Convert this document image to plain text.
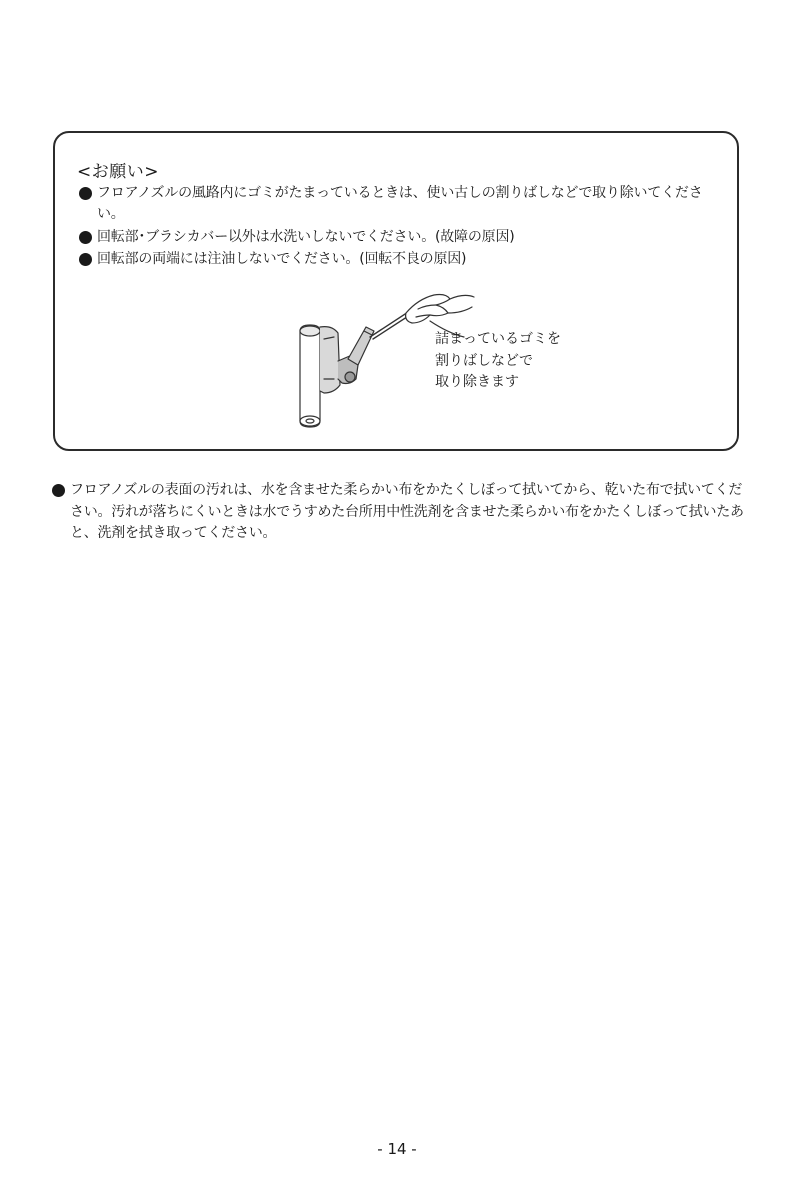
<お願い>
フロアノズルの風路内にゴミがたまっているときは、使い古しの割りばしなどで取り除いてください。
回転部･ブラシカバー以外は水洗いしないでください。(故障の原因)
回転部の両端には注油しないでください。(回転不良の原因)
詰まっているゴミを
割りばしなどで
取り除きます
フロアノズルの表面の汚れは、水を含ませた柔らかい布をかたくしぼって拭いてから、乾いた布で拭いてください。汚れが落ちにくいときは水でうすめた台所用中性洗剤を含ませた柔らかい布をかたくしぼって拭いたあと、洗剤を拭き取ってください。
- 14 -
